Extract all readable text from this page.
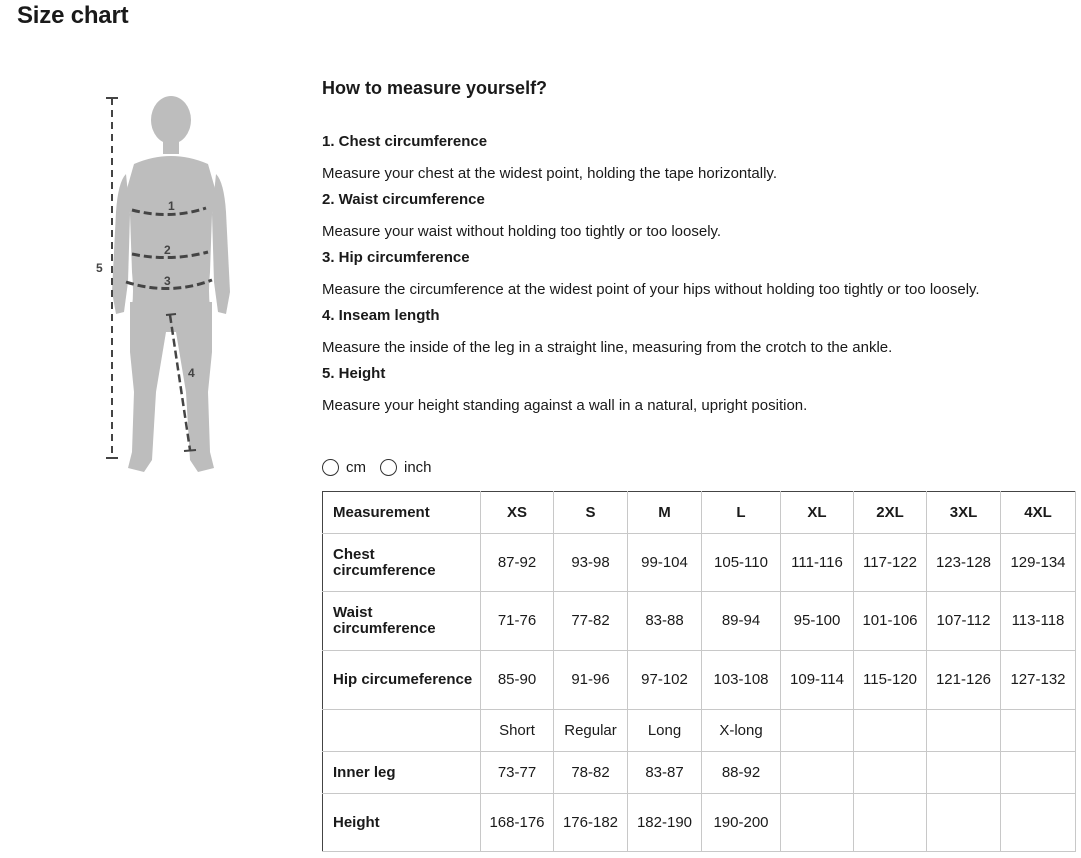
Size chart
1
2
3
4
5
How to measure yourself?
1. Chest circumference
Measure your chest at the widest point, holding the tape horizontally.
2. Waist circumference
Measure your waist without holding too tightly or too loosely.
3. Hip circumference
Measure the circumference at the widest point of your hips without holding too tightly or too loosely.
4. Inseam length
Measure the inside of the leg in a straight line, measuring from the crotch to the ankle.
5. Height
Measure your height standing against a wall in a natural, upright position.
cm	inch
Measurement	XS	S	M	L	XL	2XL	3XL	4XL
Chest circumference	87-92	93-98	99-104	105-110	111-116	117-122	123-128	129-134
Waist circumference	71-76	77-82	83-88	89-94	95-100	101-106	107-112	113-118
Hip circumeference	85-90	91-96	97-102	103-108	109-114	115-120	121-126	127-132
	Short	Regular	Long	X-long				
Inner leg	73-77	78-82	83-87	88-92				
Height	168-176	176-182	182-190	190-200				
